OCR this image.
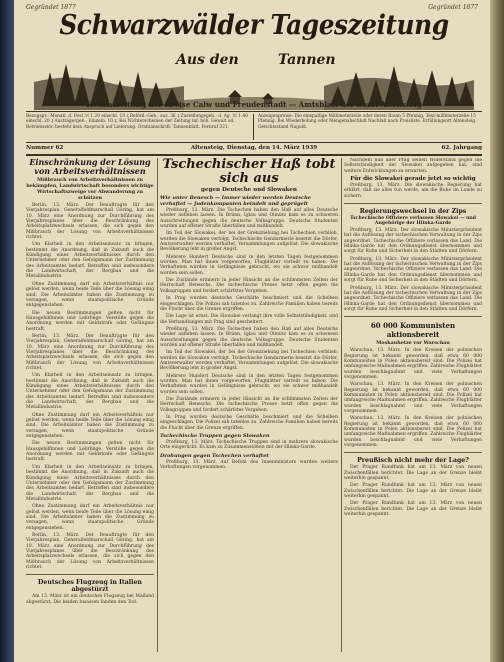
Gegründet 1877	Gegründet 1877
Schwarzwälder Tageszeitung
Aus den	Tannen
Heimatzeitung der Kreise Calw und Freudenstadt — Amtsblatt der Stadt Altensteig
Bezugspr.: Monatl. d. Post ℳ 1.20 einschl. 18 ₰ Beförd.-Geb., zuz. 36 ₰ Zustellungsgeb.; d. Ag. ℳ 1.40 einschl. 20 ₰ Austrägergeb.; Einzeln. 10 ₰. Bei Nichterscheinen der Zeitung inf. höh. Gewalt od. Betriebsstör. besteht kein Anspruch auf Lieferung. Drahtanschrift: Tannenblatt. Fernruf 321.
Anzeigenpreise: Die einspaltige Millimeterzeile oder deren Raum 5 Pfennig, Text-millimeterzeile 15 Pfennig. Bei Wiederholung oder Mengenabschluß Nachlaß nach Preisliste. Erfüllungsort Altensteig. Gerichtsstand Nagold.
Nummer 62	Altensteig, Dienstag, den 14. März 1939	62. Jahrgang
Einschränkung der Lösung von Arbeitsverhältnissen
Mißbrauch von Arbeitsverhältnissen zu bekämpfen, Landwirtschaft besonders wichtige Wirtschaftszweige vor Abwanderung zu schützen

Berlin, 13. März. Der Beauftragte für den Vierjahresplan, Generalfeldmarschall Göring, hat am 10. März eine Anordnung zur Durchführung des Vierjahresplanes über die Beschränkung des Arbeitsplatzwechsels erlassen, die sich gegen den Mißbrauch der Lösung von Arbeitsverhältnissen richtet.

Um Klarheit in den Arbeitseinsatz zu bringen, bestimmt die Anordnung, daß in Zukunft auch die Kündigung eines Arbeitsverhältnisses durch den Unternehmer oder den Gefolgsmann der Zustimmung des Arbeitsamtes bedarf. Betroffen sind insbesondere die Landwirtschaft, der Bergbau und die Metallindustrie.

Ohne Zustimmung darf ein Arbeitsverhältnis nur gelöst werden, wenn beide Teile über die Lösung einig sind. Die Arbeitsämter haben die Zustimmung zu versagen, wenn staatspolitische Gründe entgegenstehen.

Die neuen Bestimmungen gelten nicht für Hausgehilfinnen und Lehrlinge. Verstöße gegen die Anordnung werden mit Geldstrafe oder Gefängnis bestraft.

Berlin, 13. März. Der Beauftragte für den Vierjahresplan, Generalfeldmarschall Göring, hat am 10. März eine Anordnung zur Durchführung des Vierjahresplanes über die Beschränkung des Arbeitsplatzwechsels erlassen, die sich gegen den Mißbrauch der Lösung von Arbeitsverhältnissen richtet.

Um Klarheit in den Arbeitseinsatz zu bringen, bestimmt die Anordnung, daß in Zukunft auch die Kündigung eines Arbeitsverhältnisses durch den Unternehmer oder den Gefolgsmann der Zustimmung des Arbeitsamtes bedarf. Betroffen sind insbesondere die Landwirtschaft, der Bergbau und die Metallindustrie.

Ohne Zustimmung darf ein Arbeitsverhältnis nur gelöst werden, wenn beide Teile über die Lösung einig sind. Die Arbeitsämter haben die Zustimmung zu versagen, wenn staatspolitische Gründe entgegenstehen.

Die neuen Bestimmungen gelten nicht für Hausgehilfinnen und Lehrlinge. Verstöße gegen die Anordnung werden mit Geldstrafe oder Gefängnis bestraft.

Um Klarheit in den Arbeitseinsatz zu bringen, bestimmt die Anordnung, daß in Zukunft auch die Kündigung eines Arbeitsverhältnisses durch den Unternehmer oder den Gefolgsmann der Zustimmung des Arbeitsamtes bedarf. Betroffen sind insbesondere die Landwirtschaft, der Bergbau und die Metallindustrie.

Ohne Zustimmung darf ein Arbeitsverhältnis nur gelöst werden, wenn beide Teile über die Lösung einig sind. Die Arbeitsämter haben die Zustimmung zu versagen, wenn staatspolitische Gründe entgegenstehen.

Berlin, 13. März. Der Beauftragte für den Vierjahresplan, Generalfeldmarschall Göring, hat am 10. März eine Anordnung zur Durchführung des Vierjahresplanes über die Beschränkung des Arbeitsplatzwechsels erlassen, die sich gegen den Mißbrauch der Lösung von Arbeitsverhältnissen richtet.

Deutsches Flugzeug in Italien abgestürzt

Am 13. März ist ein deutsches Flugzeug bei Mailand abgestürzt. Die beiden Insassen fanden den Tod.

Tschechischer Haß tobt sich aus
gegen Deutsche und Slowaken
Wie unter Benesch — Immer wieder werden Deutsche verhaftet — Judenkompanien beindelt und geprügelt

Preßburg, 13. März. Die Tschechen haben den Haß auf alles Deutsche wieder aufleben lassen. In Brünn, Iglau und Olmütz kam es zu schweren Ausschreitungen gegen die deutsche Volksgruppe. Deutsche Studenten wurden auf offener Straße überfallen und mißhandelt.

Im Teil der Slowakei, der bei der Grenzziehung bei Tschechien verblieb, werden die Slowaken verfolgt. Tschechische Gendarmerie besetzt die Dörfer, Amtsverwalter werden verhaftet, Versammlungen aufgelöst. Die slowakische Bevölkerung lebt in großer Angst.

Mehrere Hundert Deutsche sind in den letzten Tagen festgenommen worden. Man hat ihnen vorgeworfen, Flugblätter verteilt zu haben. Die Verhafteten wurden in Gefängnisse gebracht, wo sie schwer mißhandelt worden sein sollen.

Die Zustände erinnern in jeder Hinsicht an die schlimmsten Zeiten der Herrschaft Beneschs. Die tschechische Presse hetzt offen gegen die Volksgruppen und fordert schärfstes Vorgehen.

In Prag wurden deutsche Geschäfte beschmiert und die Scheiben eingeschlagen. Die Polizei sah tatenlos zu. Zahlreiche Familien haben bereits die Flucht über die Grenze ergriffen.

Die Lage ist ernst. Die Slowakei verlangt ihre volle Selbstständigkeit, und die Verhandlungen mit Prag sind gescheitert.

Preßburg, 13. März. Die Tschechen haben den Haß auf alles Deutsche wieder aufleben lassen. In Brünn, Iglau und Olmütz kam es zu schweren Ausschreitungen gegen die deutsche Volksgruppe. Deutsche Studenten wurden auf offener Straße überfallen und mißhandelt.

Im Teil der Slowakei, der bei der Grenzziehung bei Tschechien verblieb, werden die Slowaken verfolgt. Tschechische Gendarmerie besetzt die Dörfer, Amtsverwalter werden verhaftet, Versammlungen aufgelöst. Die slowakische Bevölkerung lebt in großer Angst.

Mehrere Hundert Deutsche sind in den letzten Tagen festgenommen worden. Man hat ihnen vorgeworfen, Flugblätter verteilt zu haben. Die Verhafteten wurden in Gefängnisse gebracht, wo sie schwer mißhandelt worden sein sollen.

Die Zustände erinnern in jeder Hinsicht an die schlimmsten Zeiten der Herrschaft Beneschs. Die tschechische Presse hetzt offen gegen die Volksgruppen und fordert schärfstes Vorgehen.

In Prag wurden deutsche Geschäfte beschmiert und die Scheiben eingeschlagen. Die Polizei sah tatenlos zu. Zahlreiche Familien haben bereits die Flucht über die Grenze ergriffen.

Tschechische Truppen gegen Slowaken

Preßburg, 13. März. Tschechische Truppen sind in mehrere slowakische Orte eingerückt. Es kam zu Zusammenstößen mit der Hlinka-Garde.

Drohungen gegen Tschechen verhaftet

Preßburg, 13. März. Auf Befehl des Innenministers wurden weitere Verhaftungen vorgenommen.

Nachdem nun aber Prag seinen Widerstand gegen die Selbstständigkeit der Slowakei aufgegeben hat, sind weitere Entwicklungen zu erwarten.

Für die Slowakei gerade jetzt so wichtig

Preßburg, 13. März. Die slowakische Regierung hat erklärt, daß sie alles tun werde, um die Ruhe im Lande zu sichern.

Regierungswechsel in der Zips
Tschechische Offiziere verlassen Slowakei — und Angehörige der Hlinka-Garde

Preßburg, 13. März. Der slowakische Ministerpräsident hat die Auflösung der tschechischen Verwaltung in der Zips angeordnet. Tschechische Offiziere verlassen das Land. Die Hlinka-Garde hat den Ordnungsdienst übernommen und sorgt für Ruhe und Sicherheit in den Städten und Dörfern.

Preßburg, 13. März. Der slowakische Ministerpräsident hat die Auflösung der tschechischen Verwaltung in der Zips angeordnet. Tschechische Offiziere verlassen das Land. Die Hlinka-Garde hat den Ordnungsdienst übernommen und sorgt für Ruhe und Sicherheit in den Städten und Dörfern.

Preßburg, 13. März. Der slowakische Ministerpräsident hat die Auflösung der tschechischen Verwaltung in der Zips angeordnet. Tschechische Offiziere verlassen das Land. Die Hlinka-Garde hat den Ordnungsdienst übernommen und sorgt für Ruhe und Sicherheit in den Städten und Dörfern.

60 000 Kommunisten aktionsbereit
Moskauhetze vor Warschau

Warschau, 13. März. In den Kreisen der polnischen Regierung ist bekannt geworden, daß etwa 60 000 Kommunisten in Polen aktionsbereit sind. Die Polizei hat umfangreiche Maßnahmen ergriffen. Zahlreiche Flugblätter wurden beschlagnahmt und viele Verhaftungen vorgenommen.

Warschau, 13. März. In den Kreisen der polnischen Regierung ist bekannt geworden, daß etwa 60 000 Kommunisten in Polen aktionsbereit sind. Die Polizei hat umfangreiche Maßnahmen ergriffen. Zahlreiche Flugblätter wurden beschlagnahmt und viele Verhaftungen vorgenommen.

Warschau, 13. März. In den Kreisen der polnischen Regierung ist bekannt geworden, daß etwa 60 000 Kommunisten in Polen aktionsbereit sind. Die Polizei hat umfangreiche Maßnahmen ergriffen. Zahlreiche Flugblätter wurden beschlagnahmt und viele Verhaftungen vorgenommen.

Preußisch nicht mehr der Lage?

Der Prager Rundfunk hat am 13. März von neuen Zwischenfällen berichtet. Die Lage an der Grenze bleibt weiterhin gespannt.

Der Prager Rundfunk hat am 13. März von neuen Zwischenfällen berichtet. Die Lage an der Grenze bleibt weiterhin gespannt.

Der Prager Rundfunk hat am 13. März von neuen Zwischenfällen berichtet. Die Lage an der Grenze bleibt weiterhin gespannt.
